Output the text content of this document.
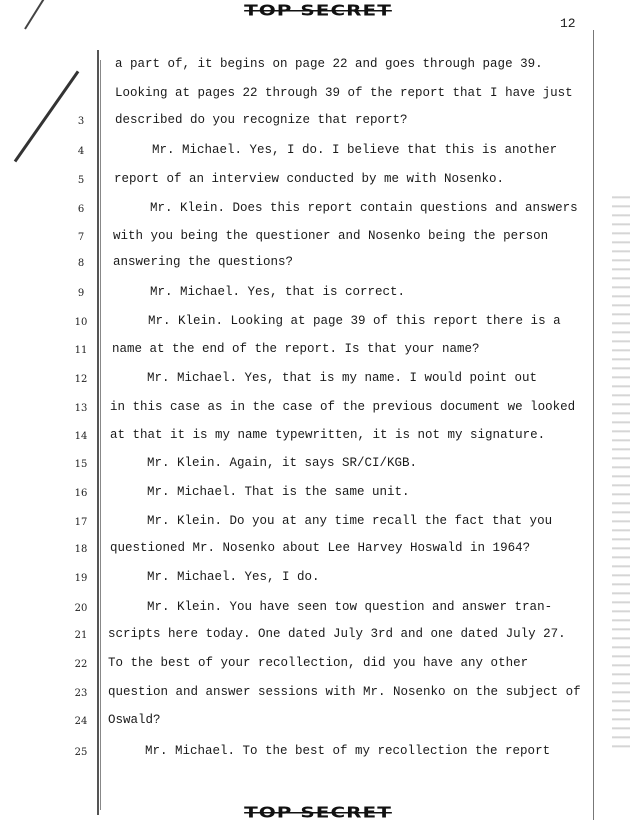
TOP SECRET
12
a part of, it begins on page 22 and goes through page 39.
Looking at pages 22 through 39 of the report that I have just
3	described do you recognize that report?
4	Mr. Michael. Yes, I do. I believe that this is another
5	report of an interview conducted by me with Nosenko.
6	Mr. Klein. Does this report contain questions and answers
7	with you being the questioner and Nosenko being the person
8	answering the questions?
9	Mr. Michael. Yes, that is correct.
10	Mr. Klein. Looking at page 39 of this report there is a
11	name at the end of the report. Is that your name?
12	Mr. Michael. Yes, that is my name. I would point out
13	in this case as in the case of the previous document we looked
14	at that it is my name typewritten, it is not my signature.
15	Mr. Klein. Again, it says SR/CI/KGB.
16	Mr. Michael. That is the same unit.
17	Mr. Klein. Do you at any time recall the fact that you
18	questioned Mr. Nosenko about Lee Harvey Hoswald in 1964?
19	Mr. Michael. Yes, I do.
20	Mr. Klein. You have seen tow question and answer tran-
21	scripts here today. One dated July 3rd and one dated July 27.
22	To the best of your recollection, did you have any other
23	question and answer sessions with Mr. Nosenko on the subject of
24	Oswald?
25	Mr. Michael. To the best of my recollection the report
TOP SECRET
